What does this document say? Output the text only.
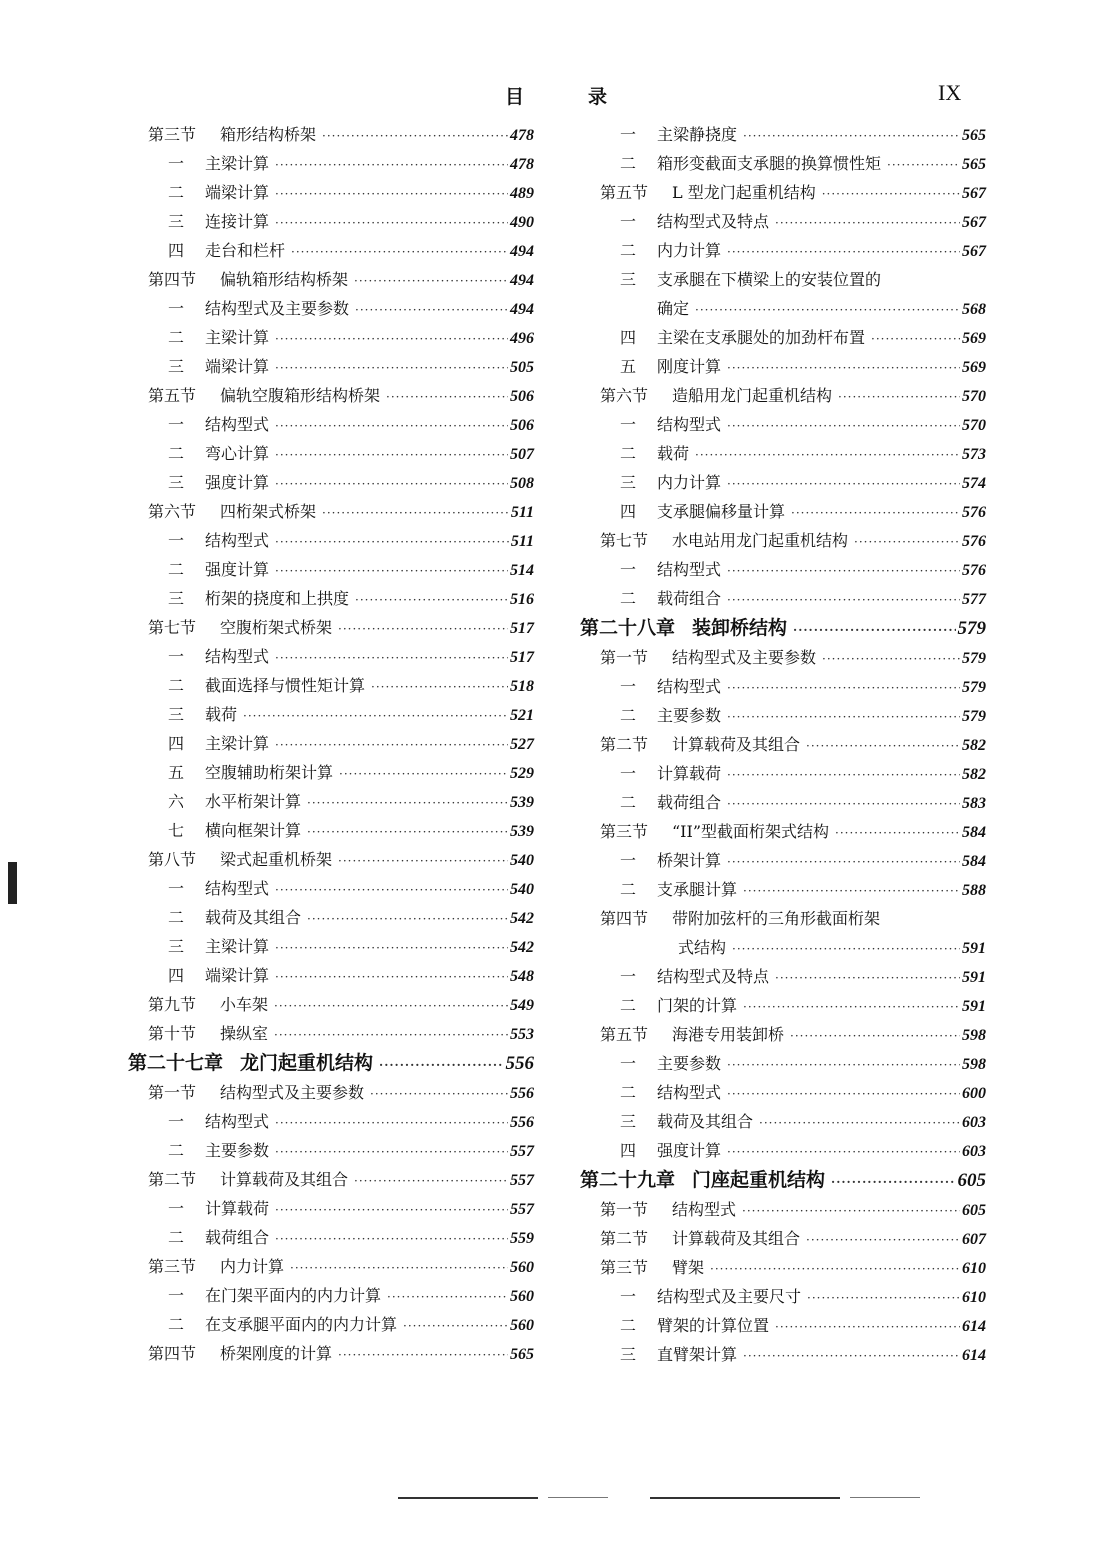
目	录	IX
第三节	箱形结构桥架 ·····	478
一	主梁计算 ·····	478
二	端梁计算 ·····	489
三	连接计算 ·····	490
四	走台和栏杆 ·····	494
第四节	偏轨箱形结构桥架 ·····	494
一	结构型式及主要参数 ·····	494
二	主梁计算 ·····	496
三	端梁计算 ·····	505
第五节	偏轨空腹箱形结构桥架 ·····	506
一	结构型式 ·····	506
二	弯心计算 ·····	507
三	强度计算 ·····	508
第六节	四桁架式桥架 ·····	511
一	结构型式 ·····	511
二	强度计算 ·····	514
三	桁架的挠度和上拱度 ·····	516
第七节	空腹桁架式桥架 ·····	517
一	结构型式 ·····	517
二	截面选择与惯性矩计算 ·····	518
三	载荷 ·····	521
四	主梁计算 ·····	527
五	空腹辅助桁架计算 ·····	529
六	水平桁架计算 ·····	539
七	横向框架计算 ·····	539
第八节	梁式起重机桥架 ·····	540
一	结构型式 ·····	540
二	载荷及其组合 ·····	542
三	主梁计算 ·····	542
四	端梁计算 ·····	548
第九节	小车架 ·····	549
第十节	操纵室 ·····	553
第二十七章 龙门起重机结构 ·····	556
第一节	结构型式及主要参数 ·····	556
一	结构型式 ·····	556
二	主要参数 ·····	557
第二节	计算载荷及其组合 ·····	557
一	计算载荷 ·····	557
二	载荷组合 ·····	559
第三节	内力计算 ·····	560
一	在门架平面内的内力计算 ·····	560
二	在支承腿平面内的内力计算 ·····	560
第四节	桥架刚度的计算 ·····	565
一	主梁静挠度 ·····	565
二	箱形变截面支承腿的换算惯性矩 ·····	565
第五节	L 型龙门起重机结构 ·····	567
一	结构型式及特点 ·····	567
二	内力计算 ·····	567
三	支承腿在下横梁上的安装位置的
确定 ·····	568
四	主梁在支承腿处的加劲杆布置 ·····	569
五	刚度计算 ·····	569
第六节	造船用龙门起重机结构 ·····	570
一	结构型式 ·····	570
二	载荷 ·····	573
三	内力计算 ·····	574
四	支承腿偏移量计算 ·····	576
第七节	水电站用龙门起重机结构 ·····	576
一	结构型式 ·····	576
二	载荷组合 ·····	577
第二十八章 装卸桥结构 ·····	579
第一节	结构型式及主要参数 ·····	579
一	结构型式 ·····	579
二	主要参数 ·····	579
第二节	计算载荷及其组合 ·····	582
一	计算载荷 ·····	582
二	载荷组合 ·····	583
第三节	“II”型截面桁架式结构 ·····	584
一	桥架计算 ·····	584
二	支承腿计算 ·····	588
第四节	带附加弦杆的三角形截面桁架
式结构 ·····	591
一	结构型式及特点 ·····	591
二	门架的计算 ·····	591
第五节	海港专用装卸桥 ·····	598
一	主要参数 ·····	598
二	结构型式 ·····	600
三	载荷及其组合 ·····	603
四	强度计算 ·····	603
第二十九章 门座起重机结构 ·····	605
第一节	结构型式 ·····	605
第二节	计算载荷及其组合 ·····	607
第三节	臂架 ·····	610
一	结构型式及主要尺寸 ·····	610
二	臂架的计算位置 ·····	614
三	直臂架计算 ·····	614
